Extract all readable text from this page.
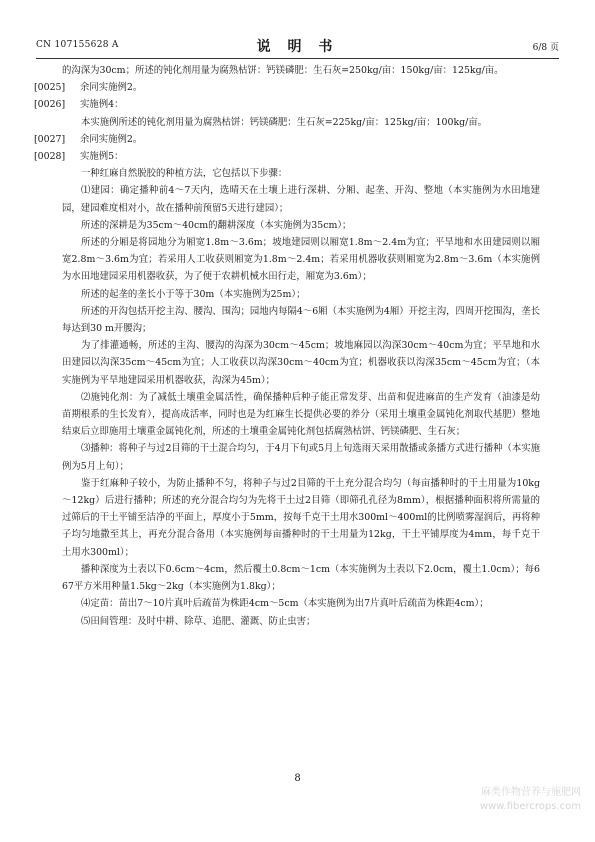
CN 107155628 A	说 明 书	6/8 页

的沟深为30cm；所述的钝化剂用量为腐熟枯饼：钙镁磷肥：生石灰=250kg/亩：150kg/亩：125kg/亩。

[0025] 余同实施例2。

[0026] 实施例4：

本实施例所述的钝化剂用量为腐熟枯饼：钙镁磷肥：生石灰=225kg/亩：125kg/亩：100kg/亩。

[0027] 余同实施例2。

[0028] 实施例5：

一种红麻自然脱胶的种植方法，它包括以下步骤：

⑴建园：确定播种前4～7天内，选晴天在土壤上进行深耕、分厢、起垄、开沟、整地（本实施例为水田地建园，建园难度相对小，故在播种前预留5天进行建园）；

所述的深耕是为35cm～40cm的翻耕深度（本实施例为35cm）；

所述的分厢是将园地分为厢宽1.8m～3.6m；坡地建园则以厢宽1.8m～2.4m为宜；平旱地和水田建园则以厢宽2.8m～3.6m为宜；若采用人工收获则厢宽为1.8m～2.4m；若采用机器收获则厢宽为2.8m～3.6m（本实施例为水田地建园采用机器收获，为了便于农耕机械水田行走，厢宽为3.6m）；

所述的起垄的垄长小于等于30m（本实施例为25m）；

所述的开沟包括开挖主沟、腰沟、围沟；园地内每隔4～6厢（本实施例为4厢）开挖主沟，四周开挖围沟，垄长每达到30 m开腰沟；

为了排灌通畅，所述的主沟、腰沟的沟深为30cm～45cm；坡地麻园以沟深30cm～40cm为宜；平旱地和水田建园以沟深35cm～45cm为宜；人工收获以沟深30cm～40cm为宜；机器收获以沟深35cm～45cm为宜；（本实施例为平旱地建园采用机器收获，沟深为45m）；

⑵施钝化剂：为了减低土壤重金属活性，确保播种后种子能正常发芽、出苗和促进麻苗的生产发育（油漆是幼苗期根系的生长发育），提高成活率，同时也是为红麻生长提供必要的养分（采用土壤重金属钝化剂取代基肥）整地结束后立即施用土壤重金属钝化剂，所述的土壤重金属钝化剂包括腐熟枯饼、钙镁磷肥、生石灰；

⑶播种：将种子与过2目筛的干土混合均匀，于4月下旬或5月上旬选雨天采用散播或条播方式进行播种（本实施例为5月上旬）；

鉴于红麻种子较小，为防止播种不匀，将种子与过2目筛的干土充分混合均匀（每亩播种时的干土用量为10kg～12kg）后进行播种；所述的充分混合均匀为先将干土过2目筛（即筛孔孔径为8mm），根据播种面积将所需量的过筛后的干土平铺至洁净的平面上，厚度小于5mm，按每千克干土用水300ml～400ml的比例喷雾湿润后，再将种子均匀地撒至其上，再充分混合备用（本实施例每亩播种时的干土用量为12kg，干土平铺厚度为4mm，每千克干土用水300ml）；

播种深度为土表以下0.6cm～4cm，然后覆土0.8cm～1cm（本实施例为土表以下2.0cm，覆土1.0cm）；每667平方米用种量1.5kg～2kg（本实施例为1.8kg）；

⑷定苗：苗出7～10片真叶后疏苗为株距4cm～5cm（本实施例为出7片真叶后疏苗为株距4cm）；

⑸田间管理：及时中耕、除草、追肥、灌溉、防止虫害；

8
麻类作物营养与施肥网
www.fibercrops.com
